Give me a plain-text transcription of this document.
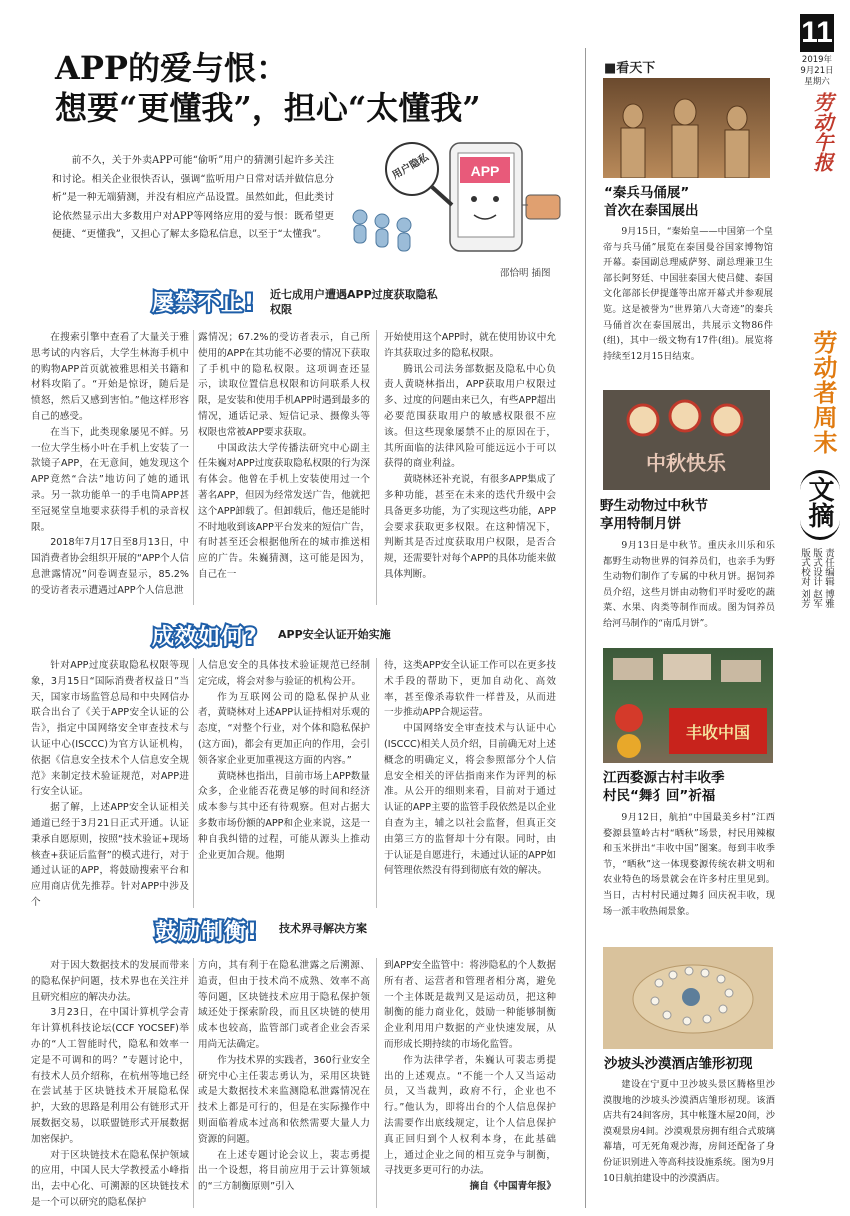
11
2019年
9月21日
星期六
劳动午报
APP的爱与恨：
想要“更懂我”，担心“太懂我”
前不久，关于外卖APP可能“偷听”用户的猜测引起许多关注和讨论。相关企业很快否认，强调“监听用户日常对话并做信息分析”是一种无端猜测，并没有相应产品设置。虽然如此，但此类讨论依然显示出大多数用户对APP等网络应用的爱与恨：既希望更便捷、“更懂我”，又担心了解太多隐私信息，以至于“太懂我”。
APP
用户隐私
邵恰明 插图
屡禁不止! 近七成用户遭遇APP过度获取隐私权限

在搜索引擎中查看了大量关于雅思考试的内容后，大学生林海手机中的购物APP首页就被雅思相关书籍和材料攻陷了。“开始是惊讶，随后是愤怒，然后又感到害怕。”他这样形容自己的感受。

在当下，此类现象屡见不鲜。另一位大学生杨小叶在手机上安装了一款镜子APP，在无意间，她发现这个APP竟然“合法”地访问了她的通讯录。另一款功能单一的手电筒APP甚至冠冕堂皇地要求获得手机的录音权限。

2018年7月17日至8月13日，中国消费者协会组织开展的“APP个人信息泄露情况”问卷调查显示，85.2%的受访者表示遭遇过APP个人信息泄

露情况；67.2%的受访者表示，自己所使用的APP在其功能不必要的情况下获取了手机中的隐私权限。这项调查还显示，读取位置信息权限和访问联系人权限，是安装和使用手机APP时遇到最多的情况，通话记录、短信记录、摄像头等权限也常被APP要求获取。

中国政法大学传播法研究中心副主任朱巍对APP过度获取隐私权限的行为深有体会。他曾在手机上安装使用过一个著名APP，但因为经常发送广告，他就把这个APP卸载了。但卸载后，他还是能时不时地收到该APP平台发来的短信广告，有时甚至还会根据他所在的城市推送相应的广告。朱巍猜测，这可能是因为，自己在一

开始使用这个APP时，就在使用协议中允许其获取过多的隐私权限。

腾讯公司法务部数据及隐私中心负责人黄晓林指出，APP获取用户权限过多、过度的问题由来已久，有些APP超出必要范围获取用户的敏感权限很不应该。但这些现象屡禁不止的原因在于，其所面临的法律风险可能远远小于可以获得的商业利益。

黄晓林还补充说，有很多APP集成了多种功能，甚至在未来的迭代升级中会具备更多功能，为了实现这些功能，APP会要求获取更多权限。在这种情况下，判断其是否过度获取用户权限，是否合规，还需要针对每个APP的具体功能来做具体判断。

成效如何? APP安全认证开始实施

针对APP过度获取隐私权限等现象，3月15日“国际消费者权益日”当天，国家市场监管总局和中央网信办联合出台了《关于APP安全认证的公告》，指定中国网络安全审查技术与认证中心(ISCCC)为官方认证机构，依据《信息安全技术个人信息安全规范》来制定技术验证规范，对APP进行安全认证。

据了解，上述APP安全认证相关通道已经于3月21日正式开通。认证秉承自愿原则，按照“技术验证+现场核查+获证后监督”的模式进行，对于通过认证的APP，将鼓励搜索平台和应用商店优先推荐。针对APP中涉及个

人信息安全的具体技术验证规范已经制定完成，将会对参与验证的机构公开。

作为互联网公司的隐私保护从业者，黄晓林对上述APP认证持相对乐观的态度，“对整个行业，对个体和隐私保护(这方面)，都会有更加正向的作用，会引领各家企业更加重视这方面的内容。”

黄晓林也指出，目前市场上APP数量众多，企业能否花费足够的时间和经济成本参与其中还有待观察。但对占据大多数市场份额的APP和企业来说，这是一种自我纠错的过程，可能从源头上推动企业更加合规。他期

待，这类APP安全认证工作可以在更多技术手段的帮助下，更加自动化、高效率，甚至像杀毒软件一样普及，从而进一步推动APP合规运营。

中国网络安全审查技术与认证中心(ISCCC)相关人员介绍，目前确无对上述概念的明确定义，将会参照部分个人信息安全相关的评估指南来作为评判的标准。从公开的细则来看，目前对于通过认证的APP主要的监管手段依然是以企业自查为主，辅之以社会监督，但真正交由第三方的监督却十分有限。同时，由于认证是自愿进行，未通过认证的APP如何管理依然没有得到彻底有效的解决。

鼓励制衡! 技术界寻解决方案

对于因大数据技术的发展而带来的隐私保护问题，技术界也在关注并且研究相应的解决办法。

3月23日，在中国计算机学会青年计算机科技论坛(CCF YOCSEF)举办的“人工智能时代，隐私和效率一定是不可调和的吗？”专题讨论中，有技术人员介绍称，在杭州等地已经在尝试基于区块链技术开展隐私保护，大致的思路是利用公有链形式开展数据交易，以联盟链形式开展数据加密保护。

对于区块链技术在隐私保护领域的应用，中国人民大学教授孟小峰指出，去中心化、可溯源的区块链技术是一个可以研究的隐私保护

方向，其有利于在隐私泄露之后溯源、追责，但由于技术尚不成熟、效率不高等问题，区块链技术应用于隐私保护领域还处于探索阶段，而且区块链的使用成本也较高，监管部门或者企业会否采用尚无法确定。

作为技术界的实践者，360行业安全研究中心主任裴志勇认为，采用区块链或是大数据技术来监测隐私泄露情况在技术上都是可行的，但是在实际操作中则面临着成本过高和依然需要大量人力资源的问题。

在上述专题讨论会议上，裴志勇提出一个设想，将目前应用于云计算领域的“三方制衡原则”引入

到APP安全监管中：将涉隐私的个人数据所有者、运营者和管理者相分离，避免一个主体既是裁判又是运动员，把这种制衡的能力商业化，鼓励一种能够制衡企业利用用户数据的产业快速发展，从而形成长期持续的市场化监管。

作为法律学者，朱巍认可裴志勇提出的上述观点。“不能一个人又当运动员，又当裁判，政府不行，企业也不行。”他认为，即将出台的个人信息保护法需要作出底线规定，让个人信息保护真正回归到个人权利本身，在此基础上，通过企业之间的相互竞争与制衡，寻找更多更可行的办法。

摘自《中国青年报》
■看天下
“秦兵马俑展”
首次在泰国展出

9月15日，“秦始皇——中国第一个皇帝与兵马俑”展览在泰国曼谷国家博物馆开幕。泰国副总理威萨努、副总理兼卫生部长阿努廷、中国驻泰国大使吕健、泰国文化部部长伊提蓬等出席开幕式并参观展览。这是被誉为“世界第八大奇迹”的秦兵马俑首次在泰国展出，共展示文物86件(组)，其中一级文物有17件(组)。展览将持续至12月15日结束。

中秋快乐
野生动物过中秋节
享用特制月饼

9月13日是中秋节。重庆永川乐和乐都野生动物世界的饲养员们，也亲手为野生动物们制作了专属的中秋月饼。据饲养员介绍，这些月饼由动物们平时爱吃的蔬菜、水果、肉类等制作而成。图为饲养员给河马制作的“南瓜月饼”。

丰收中国
江西婺源古村丰收季
村民“舞犭回”祈福

9月12日，航拍“中国最美乡村”江西婺源县篁岭古村“晒秋”场景，村民用辣椒和玉米拼出“丰收中国”图案。每到丰收季节，“晒秋”这一体现婺源传统农耕文明和农业特色的场景就会在许多村庄里见到。当日，古村村民通过舞犭回庆祝丰收，现场一派丰收热闹景象。

沙坡头沙漠酒店雏形初现

建设在宁夏中卫沙坡头景区腾格里沙漠腹地的沙坡头沙漠酒店雏形初现。该酒店共有24间客房，其中帐篷木屋20间，沙漠观景房4间。沙漠观景房拥有组合式玻璃幕墙，可无死角观沙海，房间还配备了身份证识别进入等高科技设施系统。图为9月10日航拍建设中的沙漠酒店。

劳动者周末
文摘
责任编辑 博雅
版式设计 赵军
版式校对 刘芳
